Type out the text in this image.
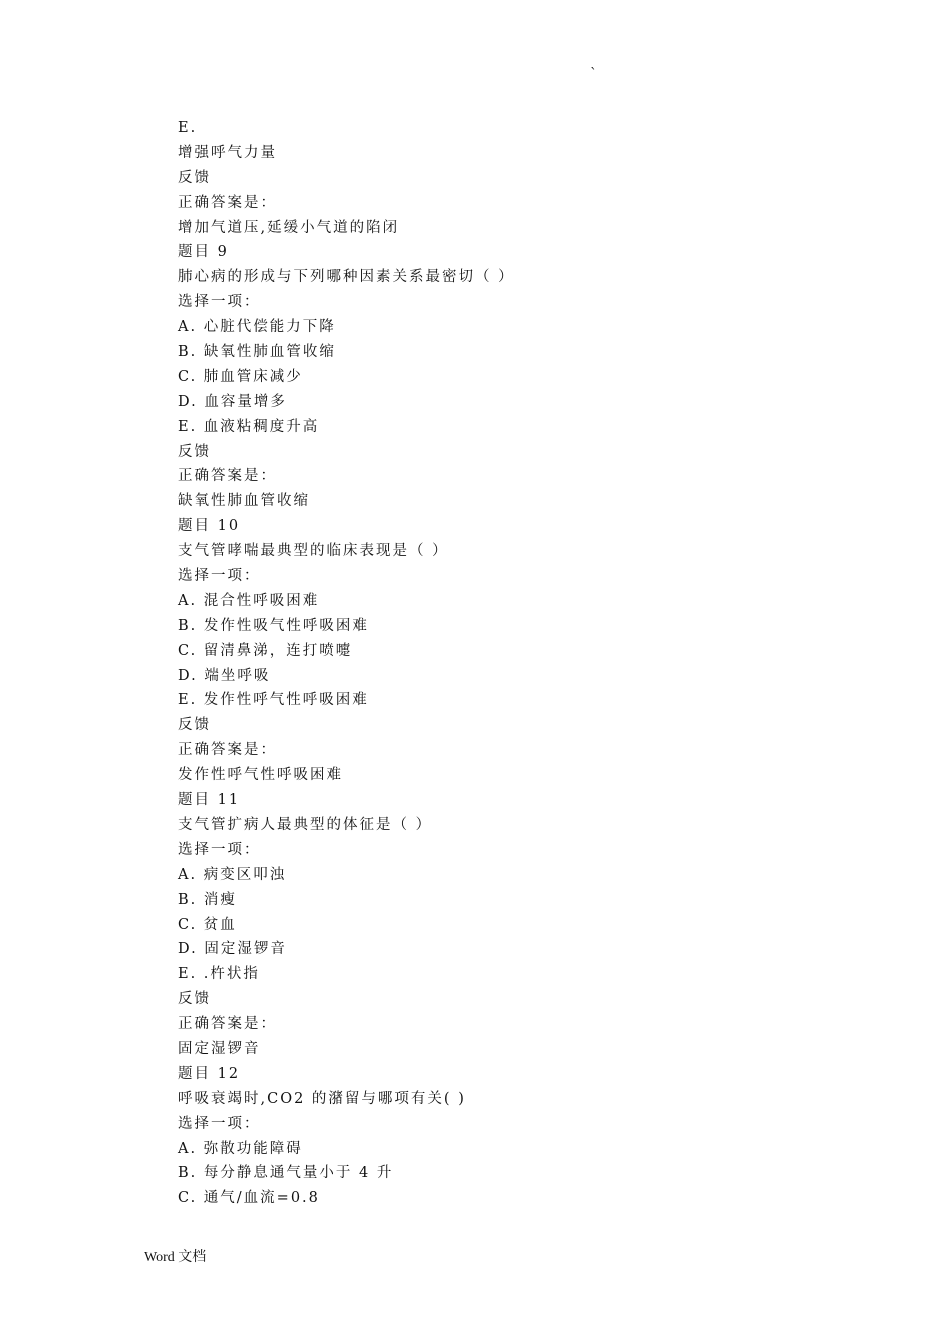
`
E.
增强呼气力量
反馈
正确答案是：
增加气道压,延缓小气道的陷闭
题目 9
肺心病的形成与下列哪种因素关系最密切（ ）
选择一项：
A. 心脏代偿能力下降
B. 缺氧性肺血管收缩
C. 肺血管床减少
D. 血容量增多
E. 血液粘稠度升高
反馈
正确答案是：
缺氧性肺血管收缩
题目 10
支气管哮喘最典型的临床表现是（ ）
选择一项：
A. 混合性呼吸困难
B. 发作性吸气性呼吸困难
C. 留清鼻涕，连打喷嚏
D. 端坐呼吸
E. 发作性呼气性呼吸困难
反馈
正确答案是：
发作性呼气性呼吸困难
题目 11
支气管扩病人最典型的体征是（ ）
选择一项：
A. 病变区叩浊
B. 消瘦
C. 贫血
D. 固定湿锣音
E. .杵状指
反馈
正确答案是：
固定湿锣音
题目 12
呼吸衰竭时,CO2 的潴留与哪项有关( )
选择一项：
A. 弥散功能障碍
B. 每分静息通气量小于 4 升
C. 通气/血流=0.8
Word 文档
